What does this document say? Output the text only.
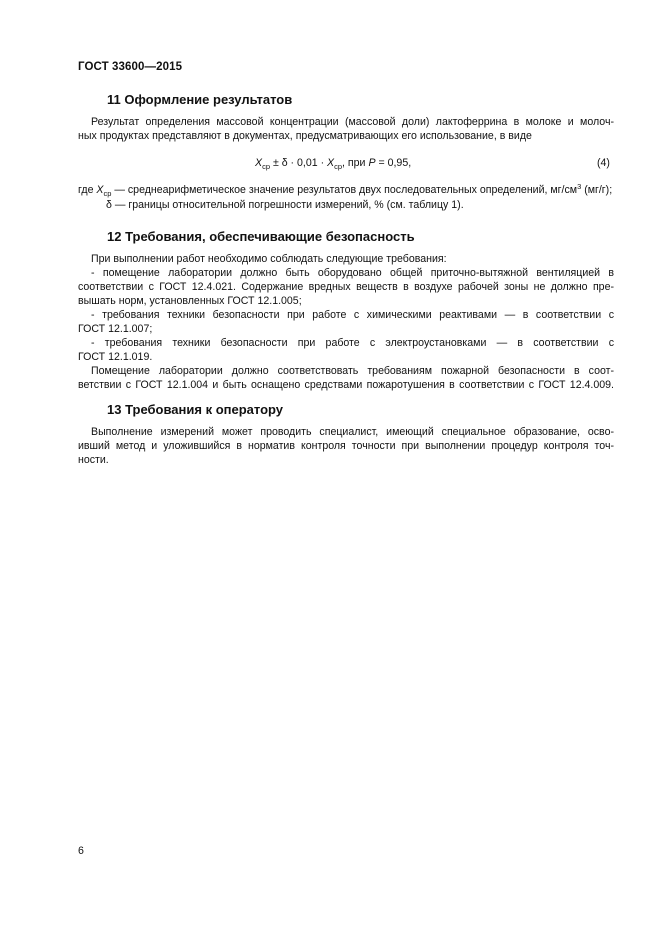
ГОСТ 33600—2015
11 Оформление результатов
Результат определения массовой концентрации (массовой доли) лактоферрина в молоке и молоч-
ных продуктах представляют в документах, предусматривающих его использование, в виде
$X_{ср} \pm \delta \cdot 0,01 \cdot X_{ср}$, при P = 0,95,	(4)
где $X_{ср}$ — среднеарифметическое значение результатов двух последовательных определений, $мг/см^3$ (мг/г);
δ — границы относительной погрешности измерений, % (см. таблицу 1).
12 Требования, обеспечивающие безопасность
При выполнении работ необходимо соблюдать следующие требования:
- помещение лаборатории должно быть оборудовано общей приточно-вытяжной вентиляцией в
соответствии с ГОСТ 12.4.021. Содержание вредных веществ в воздухе рабочей зоны не должно пре-
вышать норм, установленных ГОСТ 12.1.005;
- требования техники безопасности при работе с химическими реактивами — в соответствии с
ГОСТ 12.1.007;
- требования техники безопасности при работе с электроустановками — в соответствии с
ГОСТ 12.1.019.
Помещение лаборатории должно соответствовать требованиям пожарной безопасности в соот-
ветствии с ГОСТ 12.1.004 и быть оснащено средствами пожаротушения в соответствии с ГОСТ 12.4.009.
13 Требования к оператору
Выполнение измерений может проводить специалист, имеющий специальное образование, осво-
ивший метод и уложившийся в норматив контроля точности при выполнении процедур контроля точ-
ности.
6
